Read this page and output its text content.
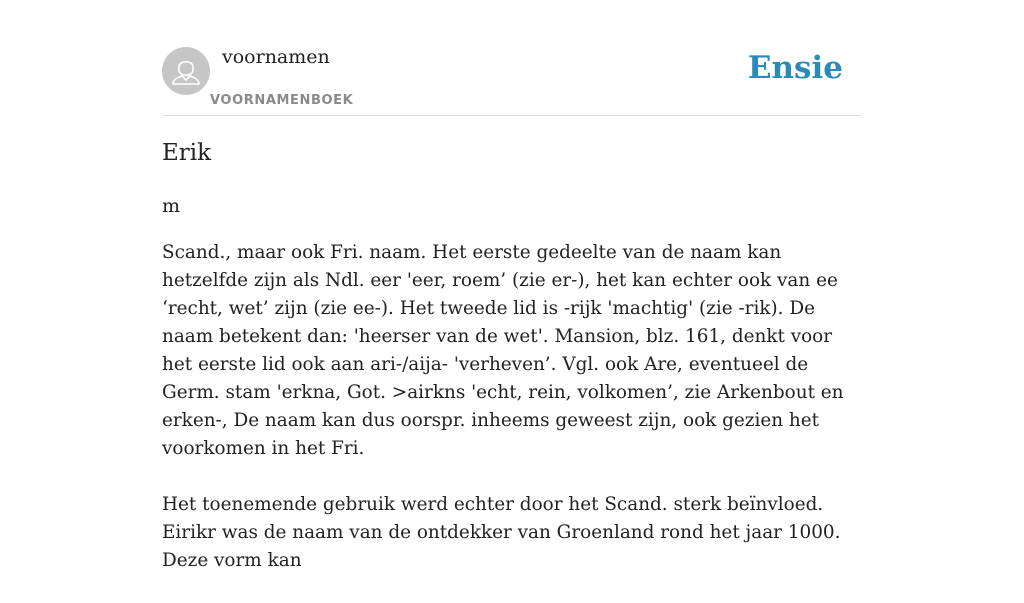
voornamen
VOORNAMENBOEK
Ensie
Erik

m

Scand., maar ook Fri. naam. Het eerste gedeelte van de naam kan hetzelfde zijn als Ndl. eer 'eer, roem’ (zie er-), het kan echter ook van ee ‘recht, wet’ zijn (zie ee-). Het tweede lid is -rijk 'machtig' (zie -rik). De naam betekent dan: 'heerser van de wet'. Mansion, blz. 161, denkt voor het eerste lid ook aan ari-/aija- 'verheven’. Vgl. ook Are, eventueel de Germ. stam 'erkna, Got. >airkns 'echt, rein, volkomen’, zie Arkenbout en erken-, De naam kan dus oorspr. inheems geweest zijn, ook gezien het voorkomen in het Fri.

Het toenemende gebruik werd echter door het Scand. sterk beïnvloed. Eirikr was de naam van de ontdekker van Groenland rond het jaar 1000. Deze vorm kan
